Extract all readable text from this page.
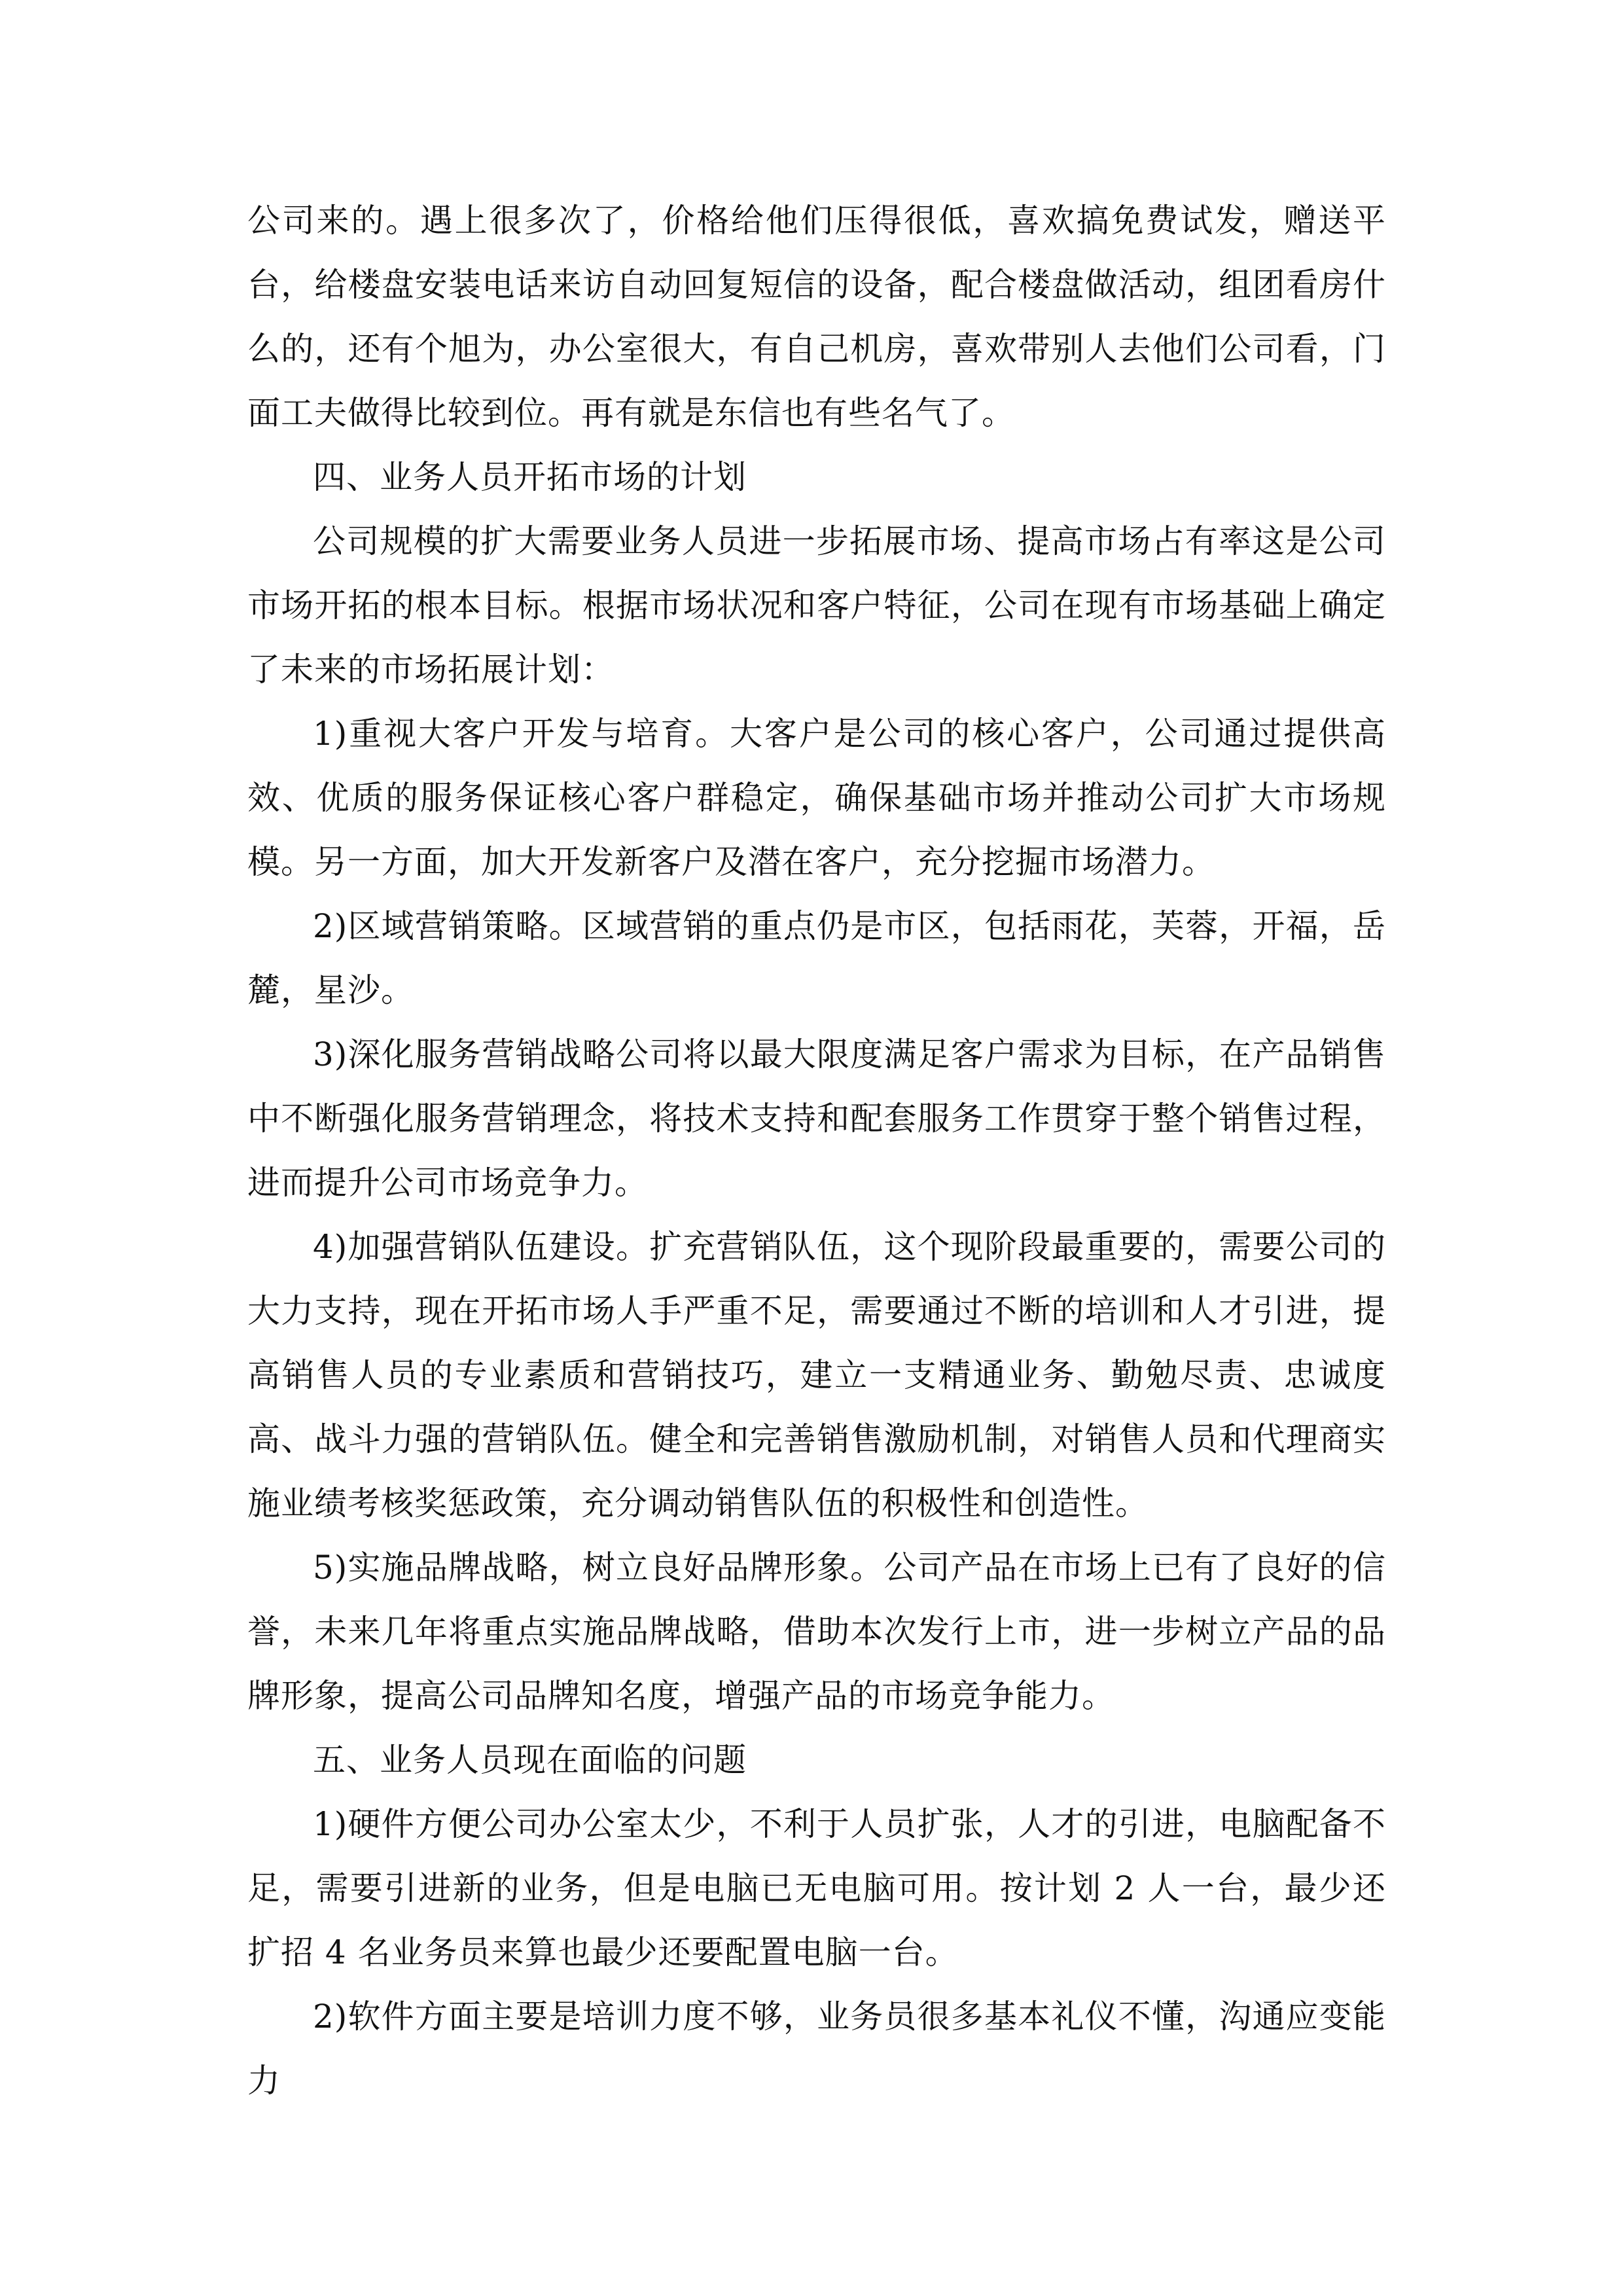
公司来的。遇上很多次了，价格给他们压得很低，喜欢搞免费试发，赠送平台，给楼盘安装电话来访自动回复短信的设备，配合楼盘做活动，组团看房什么的，还有个旭为，办公室很大，有自己机房，喜欢带别人去他们公司看，门面工夫做得比较到位。再有就是东信也有些名气了。

四、业务人员开拓市场的计划

公司规模的扩大需要业务人员进一步拓展市场、提高市场占有率这是公司市场开拓的根本目标。根据市场状况和客户特征，公司在现有市场基础上确定了未来的市场拓展计划：

1)重视大客户开发与培育。大客户是公司的核心客户，公司通过提供高效、优质的服务保证核心客户群稳定，确保基础市场并推动公司扩大市场规模。另一方面，加大开发新客户及潜在客户，充分挖掘市场潜力。

2)区域营销策略。区域营销的重点仍是市区，包括雨花，芙蓉，开福，岳麓，星沙。

3)深化服务营销战略公司将以最大限度满足客户需求为目标，在产品销售中不断强化服务营销理念，将技术支持和配套服务工作贯穿于整个销售过程，进而提升公司市场竞争力。

4)加强营销队伍建设。扩充营销队伍，这个现阶段最重要的，需要公司的大力支持，现在开拓市场人手严重不足，需要通过不断的培训和人才引进，提高销售人员的专业素质和营销技巧，建立一支精通业务、勤勉尽责、忠诚度高、战斗力强的营销队伍。健全和完善销售激励机制，对销售人员和代理商实施业绩考核奖惩政策，充分调动销售队伍的积极性和创造性。

5)实施品牌战略，树立良好品牌形象。公司产品在市场上已有了良好的信誉，未来几年将重点实施品牌战略，借助本次发行上市，进一步树立产品的品牌形象，提高公司品牌知名度，增强产品的市场竞争能力。

五、业务人员现在面临的问题

1)硬件方便公司办公室太少，不利于人员扩张，人才的引进，电脑配备不足，需要引进新的业务，但是电脑已无电脑可用。按计划 2 人一台，最少还扩招 4 名业务员来算也最少还要配置电脑一台。

2)软件方面主要是培训力度不够，业务员很多基本礼仪不懂，沟通应变能力
